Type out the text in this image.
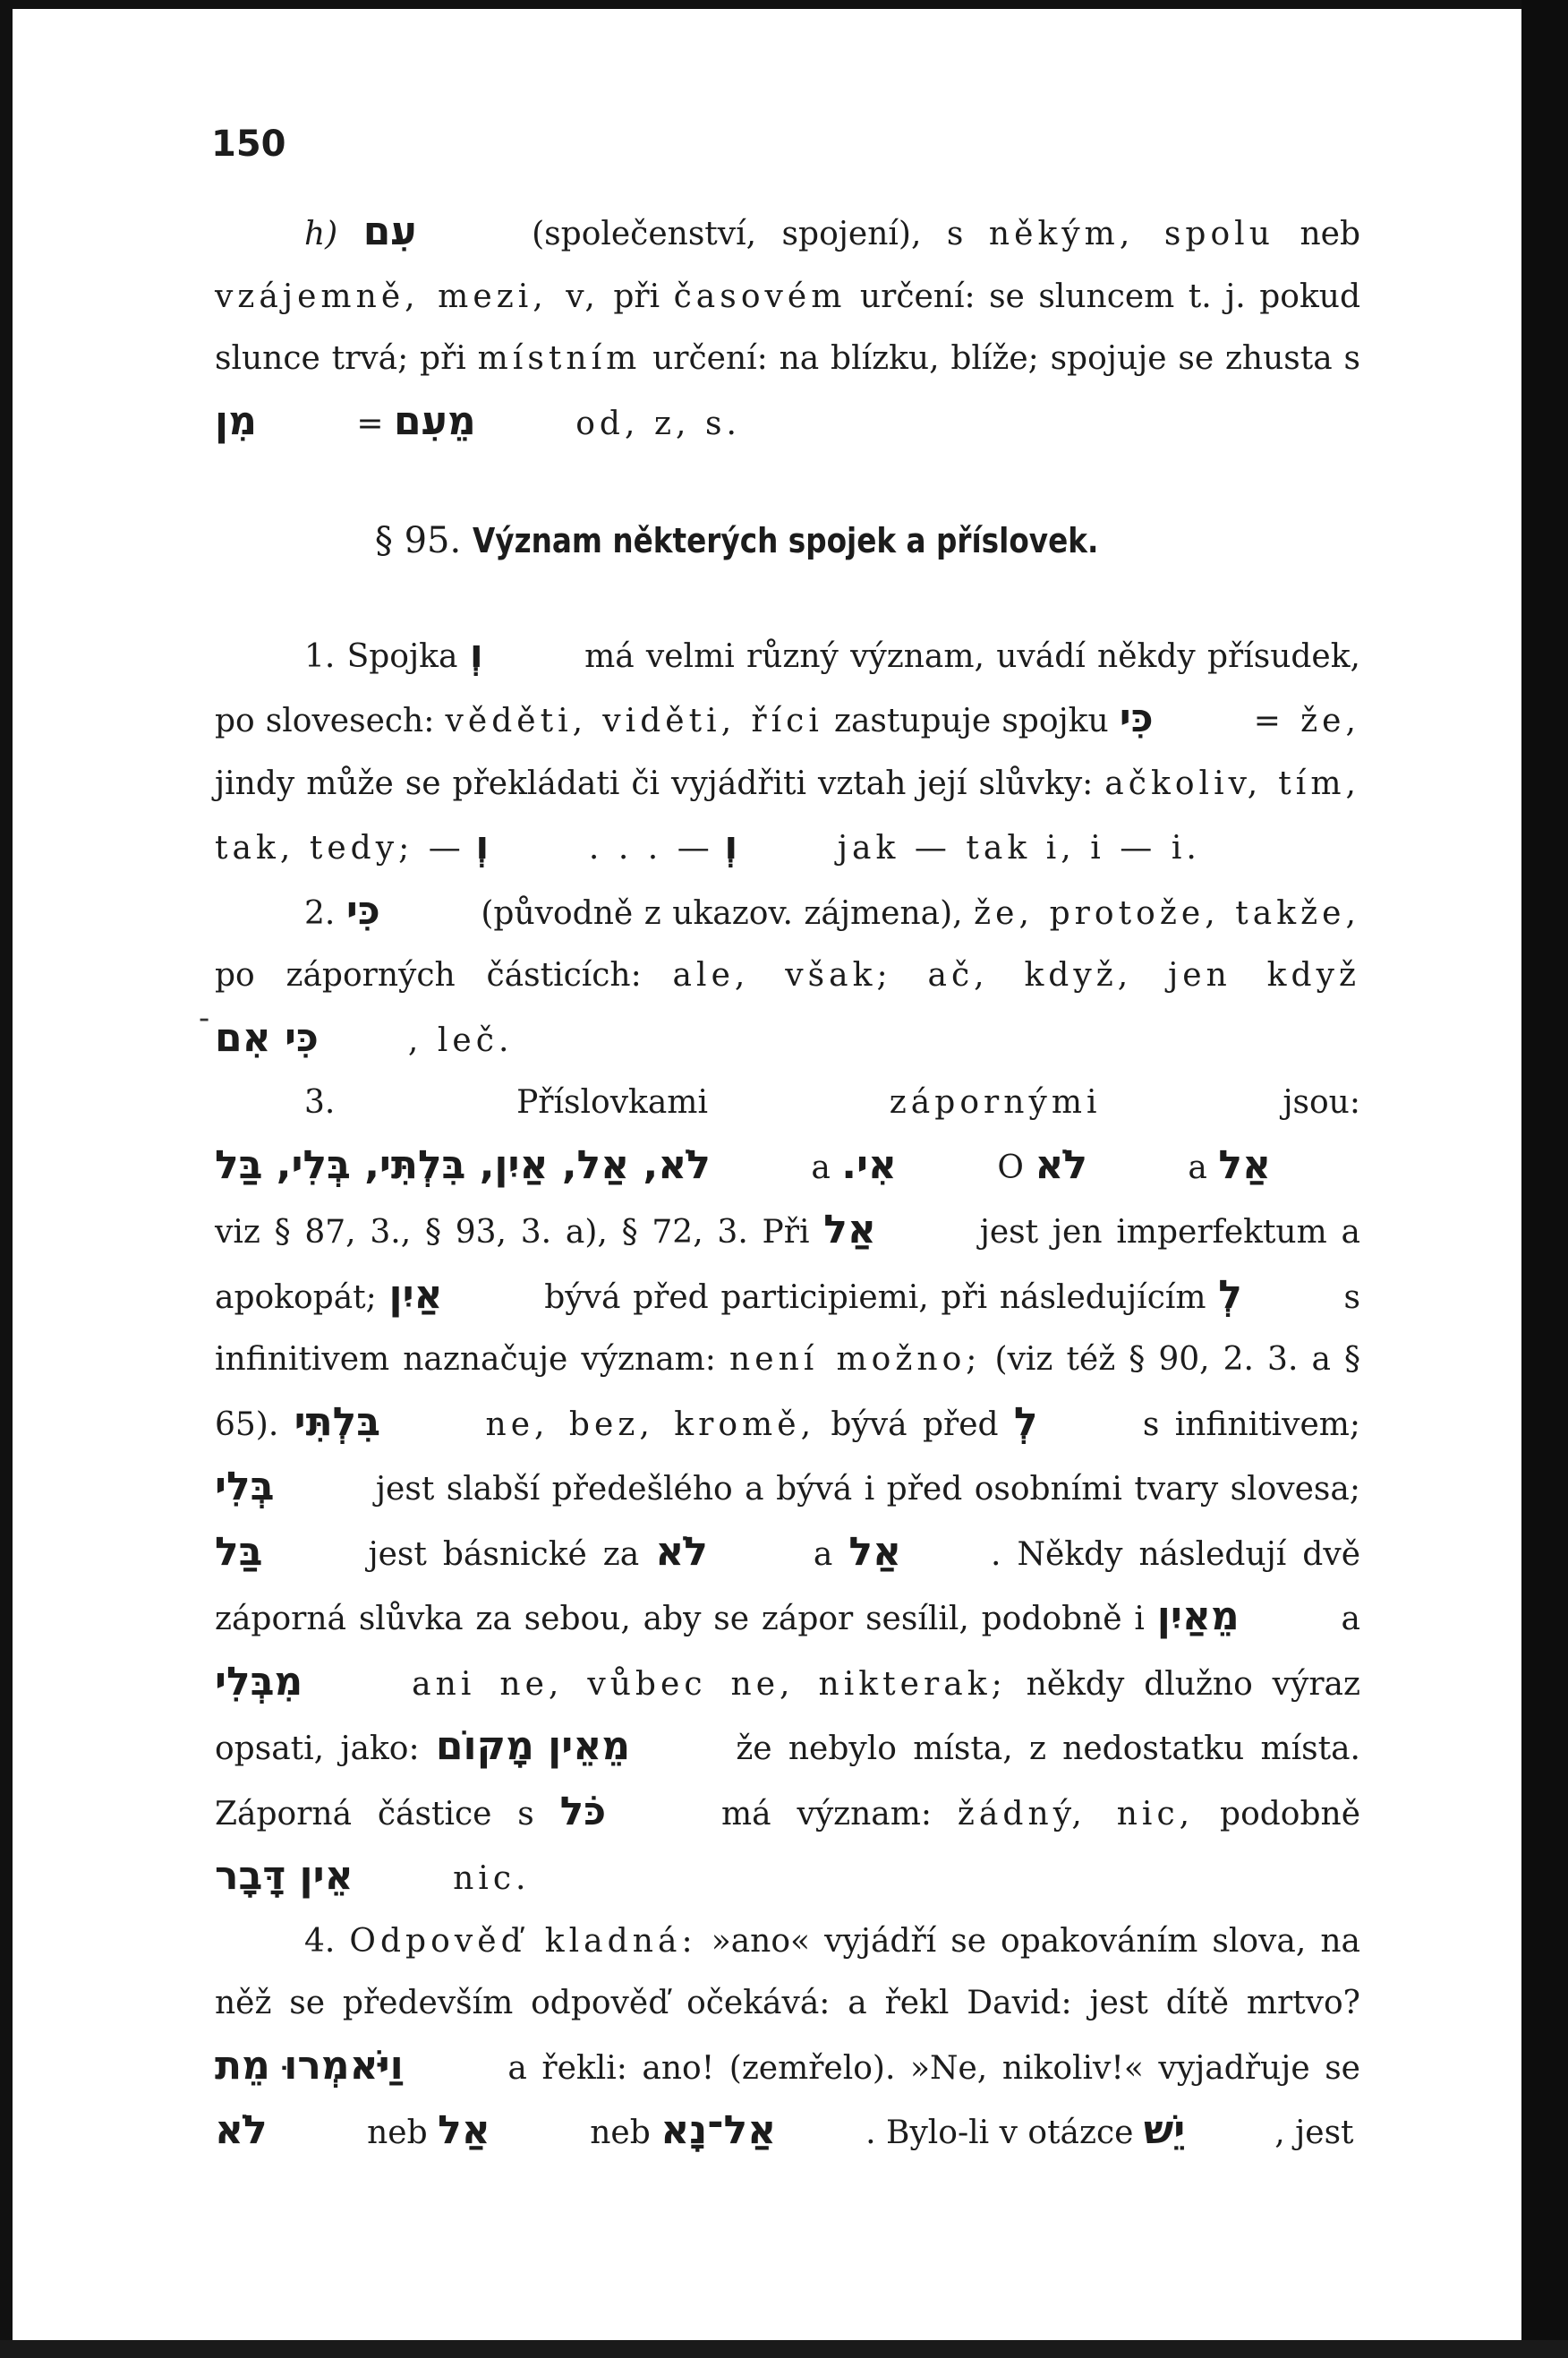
150
-

h) עִם	(společenství, spojení), s někým, spolu neb vzájemně, mezi, v, při časovém určení: se sluncem t. j. pokud slunce trvá; při místním určení: na blízku, blíže; spojuje se zhusta s מִן	= מֵעִם	od, z, s.

§ 95. Význam některých spojek a příslovek.

1. Spojka וְ	má velmi různý význam, uvádí někdy přísudek, po slovesech: věděti, viděti, říci zastupuje spojku כִּי	= že, jindy může se překládati či vyjádřiti vztah její slůvky: ačkoliv, tím, tak, tedy; — וְ	. . . — וְ	jak — tak i, i — i.

2. כִּי	(původně z ukazov. zájmena), že, protože, takže, po záporných částicích: ale, však; ač, když, jen když כִּי אִם	, leč.

3. Příslovkami	zápornými	jsou: לֹא, אַל, אַיִן, בִּלְתִּי, בְּלִי, בַּל	a אִי.	O לֹא	a אַל viz § 87, 3., § 93, 3. a), § 72, 3. Při אַל	jest jen imperfektum a apokopát; אַיִן	bývá před participiemi, při následujícím לְ	s infinitivem naznačuje význam: není možno; (viz též § 90, 2. 3. a § 65). בִּלְתִּי	ne, bez, kromě, bývá před לְ	s infinitivem; בְּלִי	jest slabší předešlého a bývá i před osobními tvary slovesa; בַּל	jest básnické za לֹא	a אַל	. Někdy následují dvě záporná slůvka za sebou, aby se zápor sesílil, podobně i מֵאַיִן	a מִבְּלִי	ani ne, vůbec ne, nikterak; někdy dlužno výraz opsati, jako: מֵאֵין מָקוֹם	že nebylo místa, z nedostatku místa. Záporná částice s כֹּל	má význam: žádný, nic, podobně אֵין דָּבָר	nic.

4. Odpověď kladná: »ano« vyjádří se opakováním slova, na něž se především odpověď očekává: a řekl David: jest dítě mrtvo? וַיֹּאמְרוּ מֵת	a řekli: ano! (zemřelo). »Ne, nikoliv!« vyjadřuje se לֹא	neb אַל	neb אַל־נָא	. Bylo-li v otázce יֵשׁ	, jest
